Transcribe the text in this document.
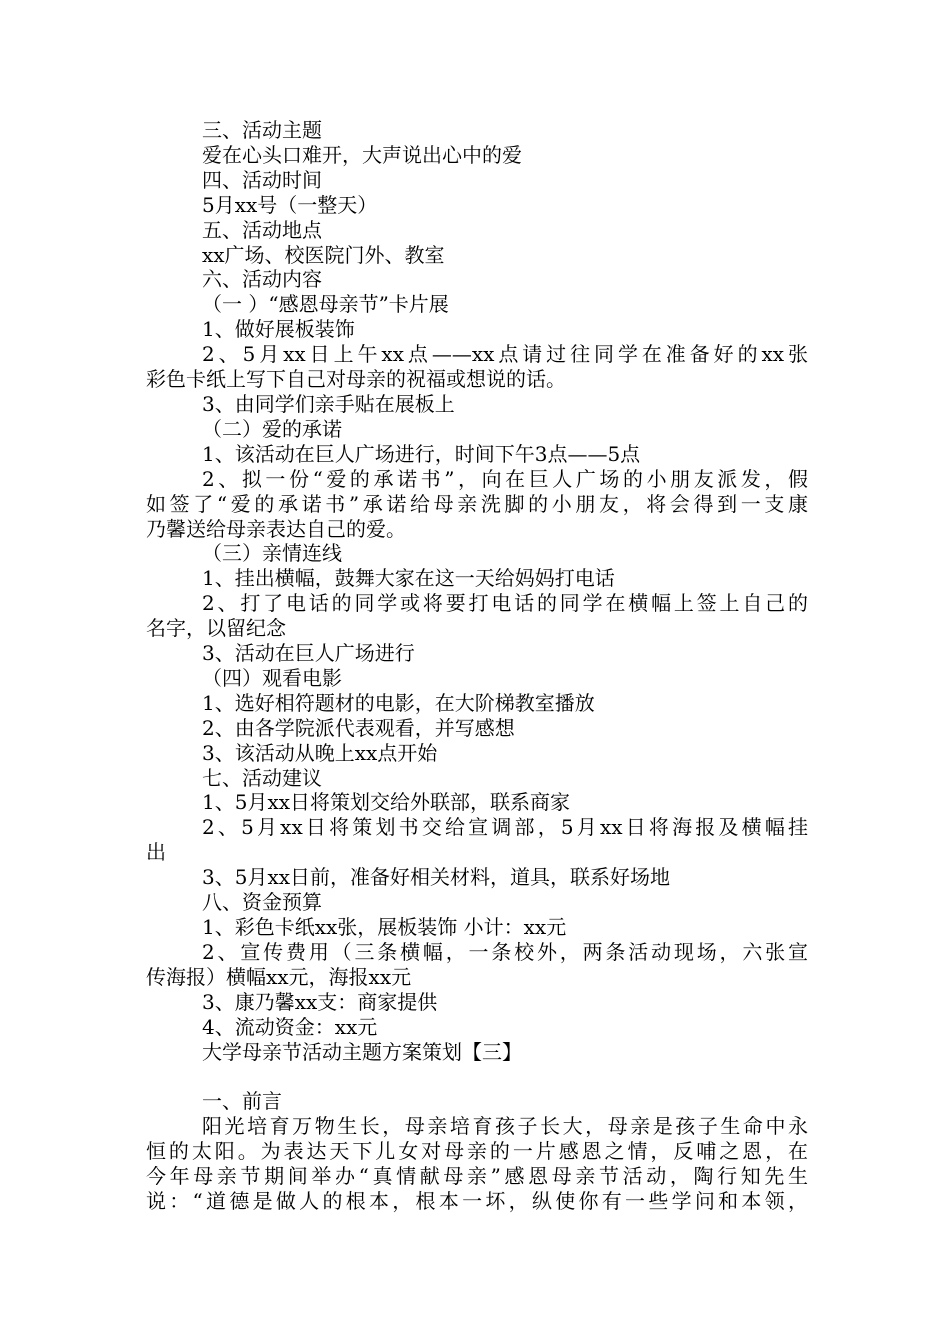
三、活动主题
爱在心头口难开，大声说出心中的爱
四、活动时间
5月xx号（一整天）
五、活动地点
xx广场、校医院门外、教室
六、活动内容
（一 ）“感恩母亲节”卡片展
1、做好展板装饰
2、5月xx日上午xx点——xx点请过往同学在准备好的xx张
彩色卡纸上写下自己对母亲的祝福或想说的话。
3、由同学们亲手贴在展板上
（二）爱的承诺
1、该活动在巨人广场进行，时间下午3点——5点
2、拟一份“爱的承诺书”，向在巨人广场的小朋友派发，假
如签了“爱的承诺书”承诺给母亲洗脚的小朋友，将会得到一支康
乃馨送给母亲表达自己的爱。
（三）亲情连线
1、挂出横幅，鼓舞大家在这一天给妈妈打电话
2、打了电话的同学或将要打电话的同学在横幅上签上自己的
名字，以留纪念
3、活动在巨人广场进行
（四）观看电影
1、选好相符题材的电影，在大阶梯教室播放
2、由各学院派代表观看，并写感想
3、该活动从晚上xx点开始
七、活动建议
1、5月xx日将策划交给外联部，联系商家
2、5月xx日将策划书交给宣调部，5月xx日将海报及横幅挂
出
3、5月xx日前，准备好相关材料，道具，联系好场地
八、资金预算
1、彩色卡纸xx张，展板装饰 小计：xx元
2、宣传费用（三条横幅，一条校外，两条活动现场，六张宣
传海报）横幅xx元，海报xx元
3、康乃馨xx支：商家提供
4、流动资金：xx元
大学母亲节活动主题方案策划【三】
一、前言
阳光培育万物生长，母亲培育孩子长大，母亲是孩子生命中永
恒的太阳。为表达天下儿女对母亲的一片感恩之情，反哺之恩，在
今年母亲节期间举办“真情献母亲”感恩母亲节活动，陶行知先生
说：“道德是做人的根本，根本一坏，纵使你有一些学问和本领，
